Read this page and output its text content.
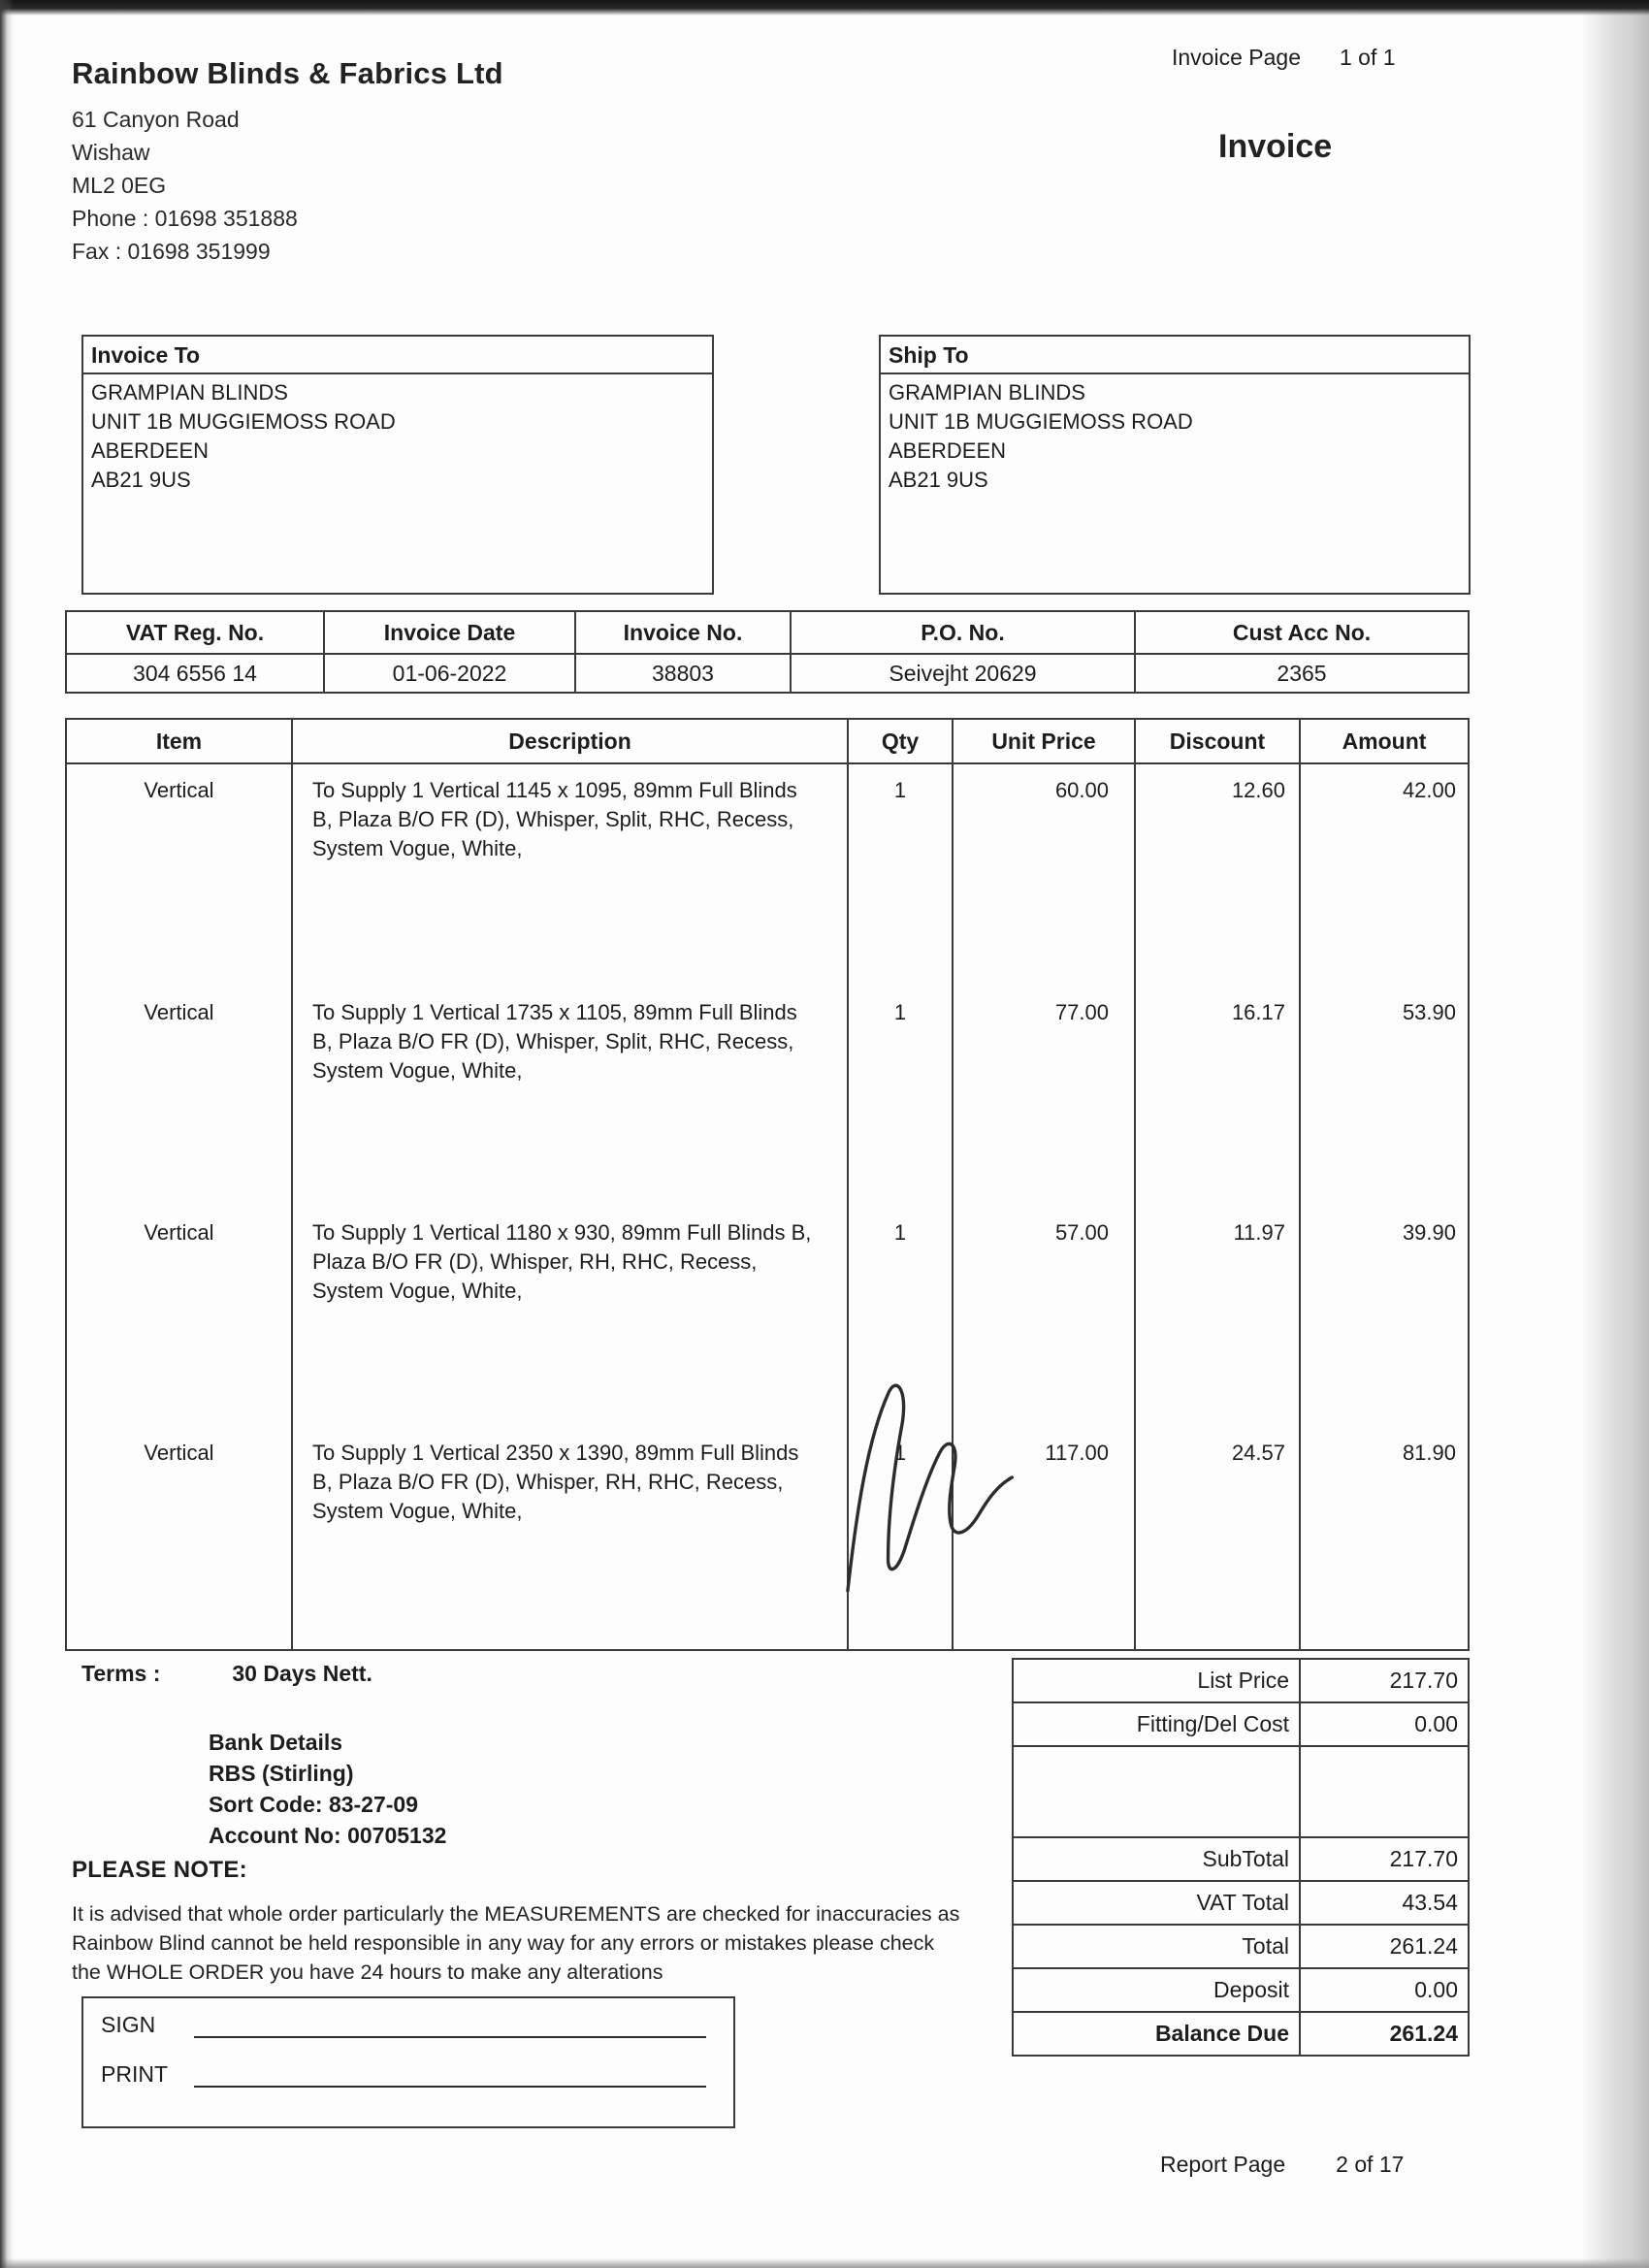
Invoice Page 1 of 1
Rainbow Blinds & Fabrics Ltd
61 Canyon Road
Wishaw
ML2 0EG
Phone : 01698 351888
Fax : 01698 351999
Invoice
Invoice To
GRAMPIAN BLINDS
UNIT 1B MUGGIEMOSS ROAD
ABERDEEN
AB21 9US
Ship To
GRAMPIAN BLINDS
UNIT 1B MUGGIEMOSS ROAD
ABERDEEN
AB21 9US
VAT Reg. No.	Invoice Date	Invoice No.	P.O. No.	Cust Acc No.
304 6556 14	01-06-2022	38803	Seivejht 20629	2365
Item	Description	Qty	Unit Price	Discount	Amount
Vertical	To Supply 1 Vertical 1145 x 1095, 89mm Full Blinds B, Plaza B/O FR (D), Whisper, Split, RHC, Recess, System Vogue, White,	1	60.00	12.60	42.00
Vertical	To Supply 1 Vertical 1735 x 1105, 89mm Full Blinds B, Plaza B/O FR (D), Whisper, Split, RHC, Recess, System Vogue, White,	1	77.00	16.17	53.90
Vertical	To Supply 1 Vertical 1180 x 930, 89mm Full Blinds B, Plaza B/O FR (D), Whisper, RH, RHC, Recess, System Vogue, White,	1	57.00	11.97	39.90
Vertical	To Supply 1 Vertical 2350 x 1390, 89mm Full Blinds B, Plaza B/O FR (D), Whisper, RH, RHC, Recess, System Vogue, White,	1	117.00	24.57	81.90

List Price	217.70
Fitting/Del Cost	0.00
SubTotal	217.70
VAT Total	43.54
Total	261.24
Deposit	0.00
Balance Due	261.24
Terms :	30 Days Nett.
Bank Details
RBS (Stirling)
Sort Code: 83-27-09
Account No: 00705132
PLEASE NOTE:
It is advised that whole order particularly the MEASUREMENTS are checked for inaccuracies as Rainbow Blind cannot be held responsible in any way for any errors or mistakes please check the WHOLE ORDER you have 24 hours to make any alterations
SIGN
PRINT
Report Page 2 of 17
